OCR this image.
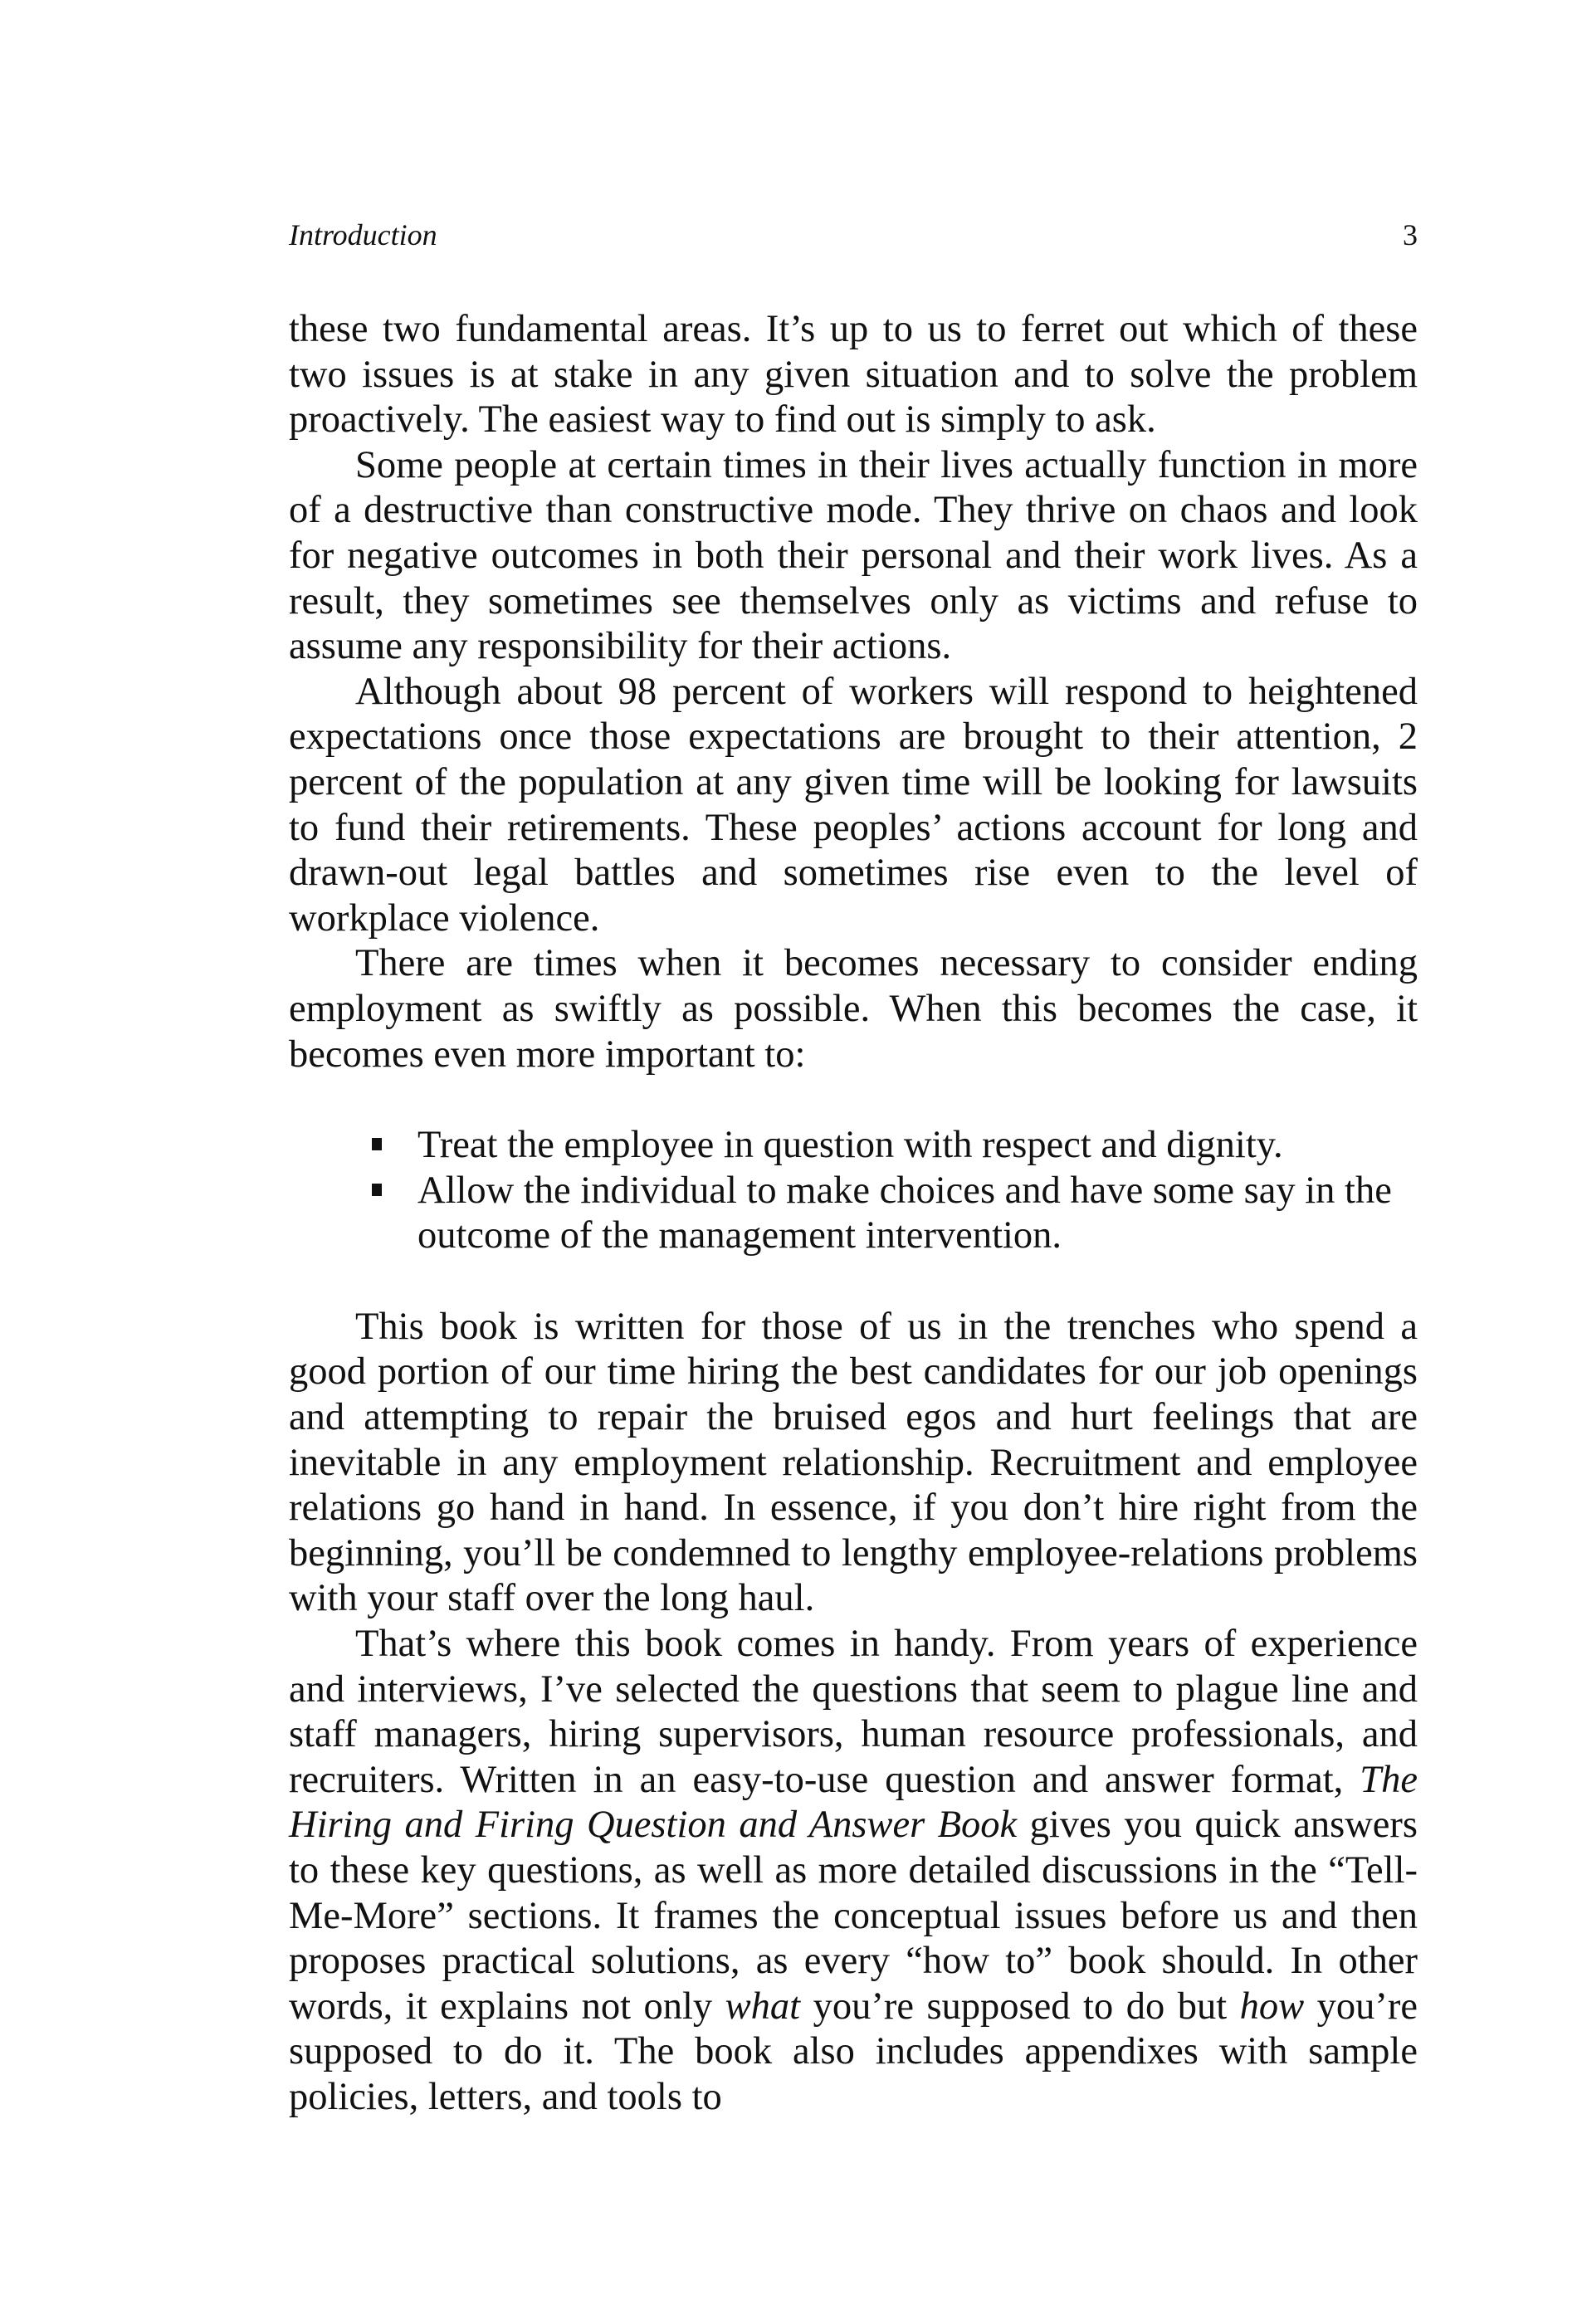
Introduction	3

these two fundamental areas. It’s up to us to ferret out which of these two issues is at stake in any given situation and to solve the problem proactively. The easiest way to find out is simply to ask.

Some people at certain times in their lives actually function in more of a destructive than constructive mode. They thrive on chaos and look for negative outcomes in both their personal and their work lives. As a result, they sometimes see themselves only as victims and refuse to assume any responsibility for their actions.

Although about 98 percent of workers will respond to heightened expectations once those expectations are brought to their attention, 2 percent of the population at any given time will be looking for lawsuits to fund their retirements. These peoples’ actions account for long and drawn-out legal battles and sometimes rise even to the level of workplace violence.

There are times when it becomes necessary to consider ending employment as swiftly as possible. When this becomes the case, it becomes even more important to:

Treat the employee in question with respect and dignity.
Allow the individual to make choices and have some say in the outcome of the management intervention.

This book is written for those of us in the trenches who spend a good portion of our time hiring the best candidates for our job openings and attempting to repair the bruised egos and hurt feelings that are inevitable in any employment relationship. Recruitment and employee relations go hand in hand. In essence, if you don’t hire right from the beginning, you’ll be condemned to lengthy employee-relations problems with your staff over the long haul.

That’s where this book comes in handy. From years of experience and interviews, I’ve selected the questions that seem to plague line and staff managers, hiring supervisors, human resource professionals, and recruiters. Written in an easy-to-use question and answer format, The Hiring and Firing Question and Answer Book gives you quick answers to these key questions, as well as more detailed discussions in the “Tell-Me-More” sections. It frames the conceptual issues before us and then proposes practical solutions, as every “how to” book should. In other words, it explains not only what you’re supposed to do but how you’re supposed to do it. The book also includes appendixes with sample policies, letters, and tools to
